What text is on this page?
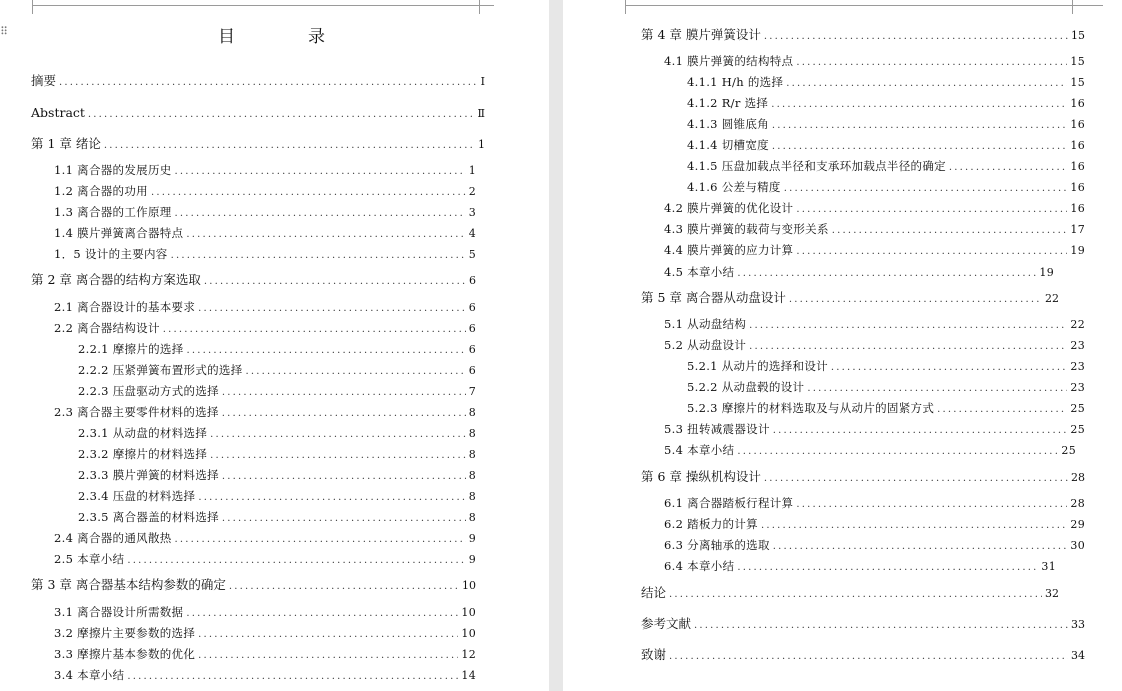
⠿	目　录
摘要 .....	Ⅰ
Abstract .....	Ⅱ
第 1 章 绪论 .....	1
1.1 离合器的发展历史 .....	1
1.2 离合器的功用 .....	2
1.3 离合器的工作原理 .....	3
1.4 膜片弹簧离合器特点 .....	4
1．5 设计的主要内容 .....	5
第 2 章 离合器的结构方案选取 .....	6
2.1 离合器设计的基本要求 .....	6
2.2 离合器结构设计 .....	6
2.2.1 摩擦片的选择 .....	6
2.2.2 压紧弹簧布置形式的选择 .....	6
2.2.3 压盘驱动方式的选择 .....	7
2.3 离合器主要零件材料的选择 .....	8
2.3.1 从动盘的材料选择 .....	8
2.3.2 摩擦片的材料选择 .....	8
2.3.3 膜片弹簧的材料选择 .....	8
2.3.4 压盘的材料选择 .....	8
2.3.5 离合器盖的材料选择 .....	8
2.4 离合器的通风散热 .....	9
2.5 本章小结 .....	9
第 3 章 离合器基本结构参数的确定 .....	10
3.1 离合器设计所需数据 .....	10
3.2 摩擦片主要参数的选择 .....	10
3.3 摩擦片基本参数的优化 .....	12
3.4 本章小结 .....	14
第 4 章 膜片弹簧设计 .....	15
4.1 膜片弹簧的结构特点 .....	15
4.1.1 H/h 的选择 .....	15
4.1.2 R/r 选择 .....	16
4.1.3 圆锥底角 .....	16
4.1.4 切槽宽度 .....	16
4.1.5 压盘加载点半径和支承环加载点半径的确定 .....	16
4.1.6 公差与精度 .....	16
4.2 膜片弹簧的优化设计 .....	16
4.3 膜片弹簧的载荷与变形关系 .....	17
4.4 膜片弹簧的应力计算 .....	19
4.5 本章小结 .....	19
第 5 章 离合器从动盘设计 .....	22
5.1 从动盘结构 .....	22
5.2 从动盘设计 .....	23
5.2.1 从动片的选择和设计 .....	23
5.2.2 从动盘毂的设计 .....	23
5.2.3 摩擦片的材料选取及与从动片的固紧方式 .....	25
5.3 扭转减震器设计 .....	25
5.4 本章小结 .....	25
第 6 章 操纵机构设计 .....	28
6.1 离合器踏板行程计算 .....	28
6.2 踏板力的计算 .....	29
6.3 分离轴承的选取 .....	30
6.4 本章小结 .....	31
结论 .....	32
参考文献 .....	33
致谢 .....	34
